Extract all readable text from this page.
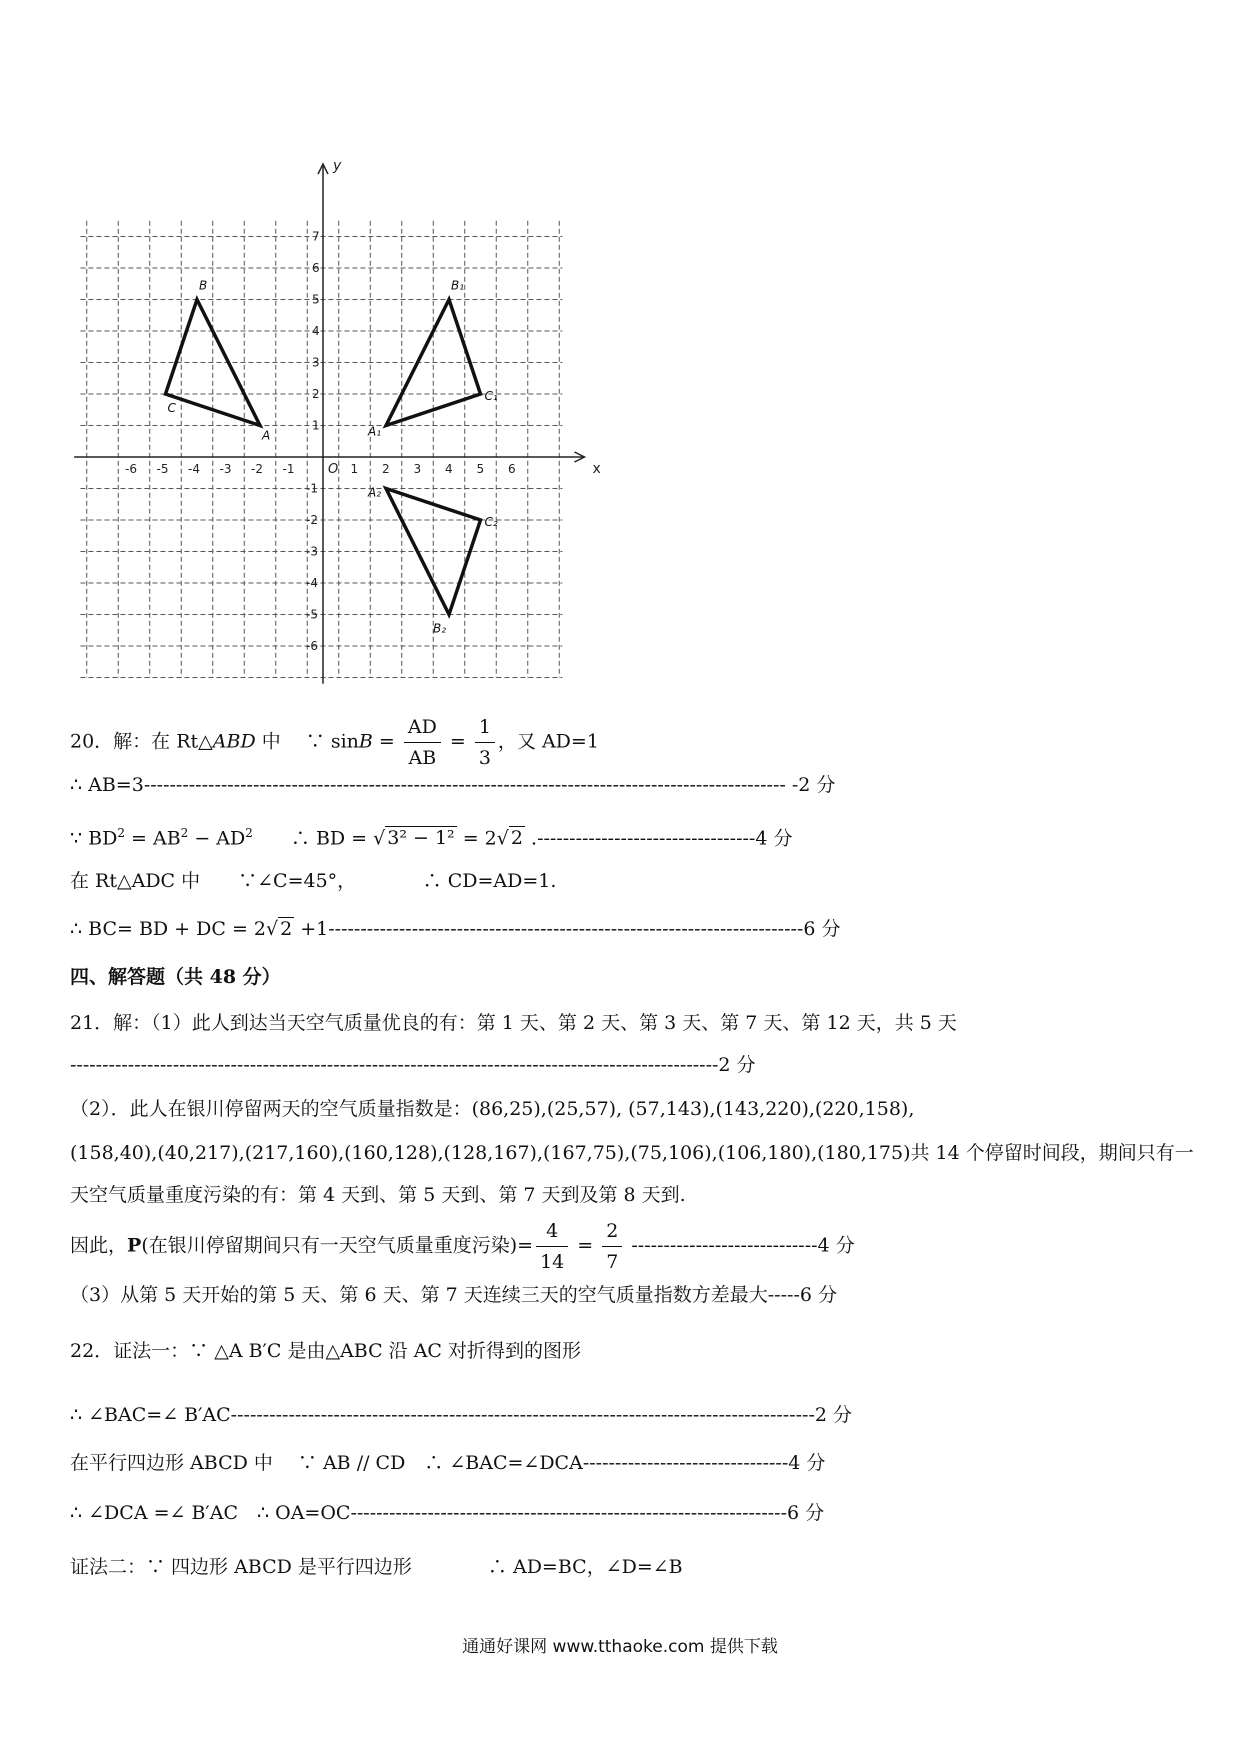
x
y
O
-6 -5 -4 -3 -2 -1	1 2 3 4 5 6
7
6
5
4
3
2
1
-1
-2
-3
-4
-5
-6
A
B
C
A₁
B₁
C₁
A₂
B₂
C₂
20．解：在 Rt△ABD 中　 ∵ $\sin B = \frac{AD}{AB} = \frac{1}{3}$ ，又 AD=1
∴ AB=3---------------------------------------------------------------------------------------------------- -2 分
∵ $BD^2 = AB^2 - AD^2$　　∴ BD = √ 3² − 1² = 2√ 2 .----------------------------------4 分
在 Rt△ADC 中　　∵∠C=45°，　　　　∴ CD=AD=1.
∴ BC= BD + DC = 2√ 2 +1--------------------------------------------------------------------------6 分
四、解答题（共 48 分）
21．解：（1）此人到达当天空气质量优良的有：第 1 天、第 2 天、第 3 天、第 7 天、第 12 天，共 5 天
-----------------------------------------------------------------------------------------------------2 分
（2）．此人在银川停留两天的空气质量指数是：(86,25),(25,57), (57,143),(143,220),(220,158),
(158,40),(40,217),(217,160),(160,128),(128,167),(167,75),(75,106),(106,180),(180,175)共 14 个停留时间段，期间只有一
天空气质量重度污染的有：第 4 天到、第 5 天到、第 7 天到及第 8 天到.
因此，P(在银川停留期间只有一天空气质量重度污染)= $\frac{4}{14} = \frac{2}{7} -----------------------------4$ 分
（3）从第 5 天开始的第 5 天、第 6 天、第 7 天连续三天的空气质量指数方差最大-----6 分
22．证法一：∵ △A B′C 是由△ABC 沿 AC 对折得到的图形
∴ ∠BAC=∠ B′AC-------------------------------------------------------------------------------------------2 分
在平行四边形 ABCD 中　 ∵ AB // CD　∴ ∠BAC=∠DCA--------------------------------4 分
∴ ∠DCA =∠ B′AC　∴ OA=OC--------------------------------------------------------------------6 分
证法二：∵ 四边形 ABCD 是平行四边形　　　　∴ AD=BC，∠D=∠B
通通好课网 www.tthaoke.com 提供下载
